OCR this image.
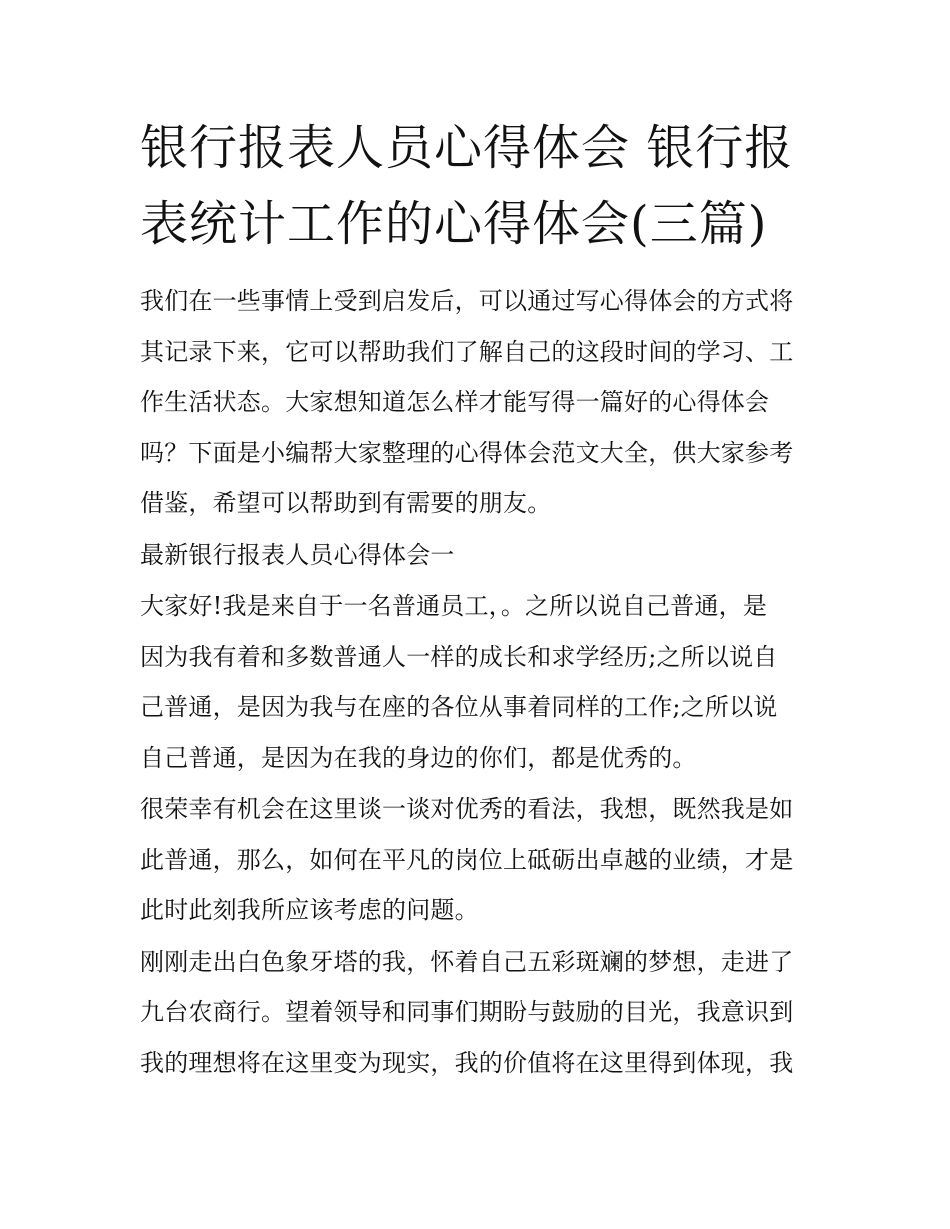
银行报表人员心得体会 银行报
表统计工作的心得体会(三篇)
我们在一些事情上受到启发后，可以通过写心得体会的方式将
其记录下来，它可以帮助我们了解自己的这段时间的学习、工
作生活状态。大家想知道怎么样才能写得一篇好的心得体会
吗？下面是小编帮大家整理的心得体会范文大全，供大家参考
借鉴，希望可以帮助到有需要的朋友。
最新银行报表人员心得体会一
大家好!我是来自于一名普通员工，。之所以说自己普通，是
因为我有着和多数普通人一样的成长和求学经历;之所以说自
己普通，是因为我与在座的各位从事着同样的工作;之所以说
自己普通，是因为在我的身边的你们，都是优秀的。
很荣幸有机会在这里谈一谈对优秀的看法，我想，既然我是如
此普通，那么，如何在平凡的岗位上砥砺出卓越的业绩，才是
此时此刻我所应该考虑的问题。
刚刚走出白色象牙塔的我，怀着自己五彩斑斓的梦想，走进了
九台农商行。望着领导和同事们期盼与鼓励的目光，我意识到
我的理想将在这里变为现实，我的价值将在这里得到体现，我
